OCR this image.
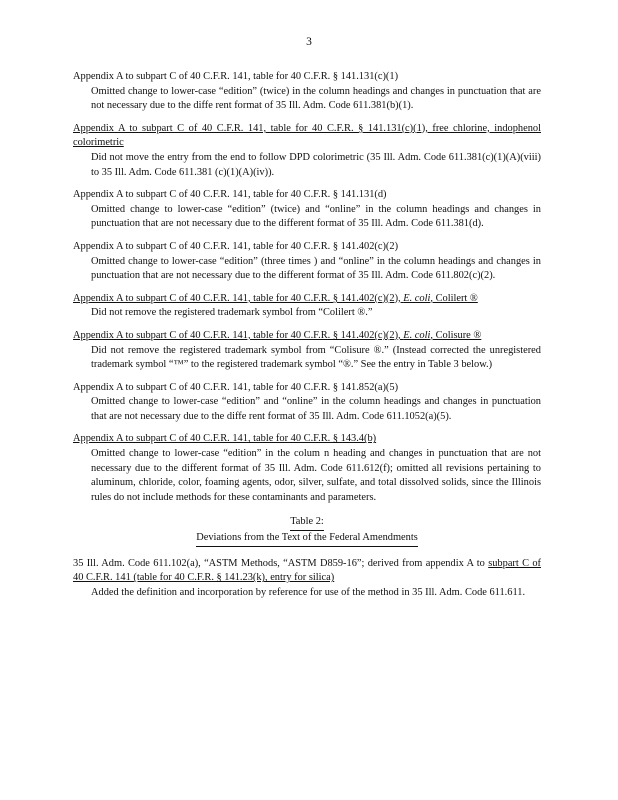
3
Appendix A to subpart C of 40 C.F.R. 141, table for 40 C.F.R. § 141.131(c)(1)
Omitted change to lower-case “edition” (twice) in the column headings and changes in punctuation that are not necessary due to the diffe rent format of 35 Ill. Adm. Code 611.381(b)(1).
Appendix A to subpart C of 40 C.F.R. 141, table for 40 C.F.R. § 141.131(c)(1), free chlorine, indophenol colorimetric
Did not move the entry from the end to follow DPD colorimetric (35 Ill. Adm. Code 611.381(c)(1)(A)(viii) to 35 Ill. Adm. Code 611.381 (c)(1)(A)(iv)).
Appendix A to subpart C of 40 C.F.R. 141, table for 40 C.F.R. § 141.131(d)
Omitted change to lower-case “edition” (twice) and “online” in the column headings and changes in punctuation that are not necessary due to the different format of 35 Ill. Adm. Code 611.381(d).
Appendix A to subpart C of 40 C.F.R. 141, table for 40 C.F.R. § 141.402(c)(2)
Omitted change to lower-case “edition” (three times ) and “online” in the column headings and changes in punctuation that are not necessary due to the different format of 35 Ill. Adm. Code 611.802(c)(2).
Appendix A to subpart C of 40 C.F.R. 141, table for 40 C.F.R. § 141.402(c)(2), E. coli, Colilert ®
Did not remove the registered trademark symbol from “Colilert ®.”
Appendix A to subpart C of 40 C.F.R. 141, table for 40 C.F.R. § 141.402(c)(2), E. coli, Colisure ®
Did not remove the registered trademark symbol from “Colisure ®.” (Instead corrected the unregistered trademark symbol “™” to the registered trademark symbol “®.” See the entry in Table 3 below.)
Appendix A to subpart C of 40 C.F.R. 141, table for 40 C.F.R. § 141.852(a)(5)
Omitted change to lower-case “edition” and “online” in the column headings and changes in punctuation that are not necessary due to the diffe rent format of 35 Ill. Adm. Code 611.1052(a)(5).
Appendix A to subpart C of 40 C.F.R. 141, table for 40 C.F.R. § 143.4(b)
Omitted change to lower-case “edition” in the colum n heading and changes in punctuation that are not necessary due to the different format of 35 Ill. Adm. Code 611.612(f); omitted all revisions pertaining to aluminum, chloride, color, foaming agents, odor, silver, sulfate, and total dissolved solids, since the Illinois rules do not include methods for these contaminants and parameters.
Table 2:
Deviations from the Text of the Federal Amendments
35 Ill. Adm. Code 611.102(a), “ASTM Methods, “ASTM D859-16”; derived from appendix A to subpart C of 40 C.F.R. 141 (table for 40 C.F.R. § 141.23(k), entry for silica)
Added the definition and incorporation by reference for use of the method in 35 Ill. Adm. Code 611.611.
